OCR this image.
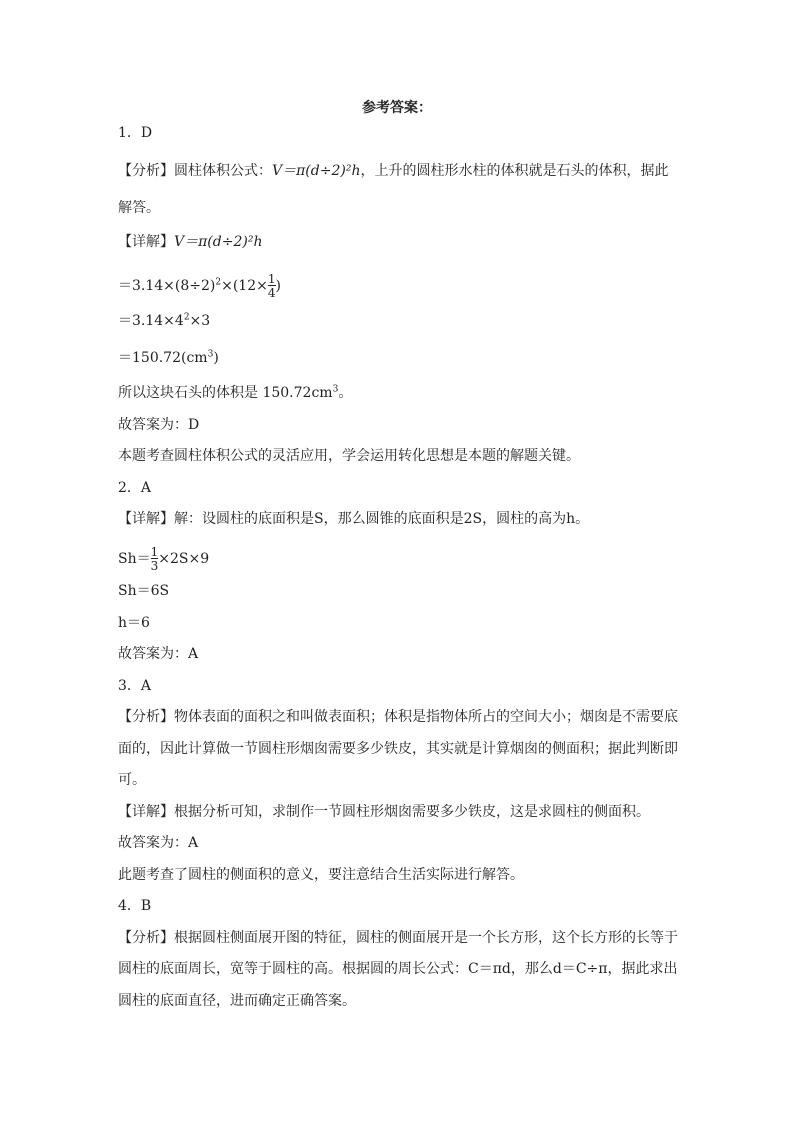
参考答案：
1．D
【分析】圆柱体积公式：V＝π(d÷2)²h，上升的圆柱形水柱的体积就是石头的体积，据此
解答。
【详解】V＝π(d÷2)²h
$=3.14\times(8\div 2)^2\times(12\times \frac{1}{4}$ )
$=3.14\times 4^2\times 3$
$=150.72(cm^3)$
所以这块石头的体积是 $150.72cm^3$。
故答案为：D
本题考查圆柱体积公式的灵活应用，学会运用转化思想是本题的解题关键。
2．A
【详解】解：设圆柱的底面积是S，那么圆锥的底面积是2S，圆柱的高为h。
$Sh= \frac{1}{3} \times 2S\times 9$
Sh＝6S
h＝6
故答案为：A
3．A
【分析】物体表面的面积之和叫做表面积；体积是指物体所占的空间大小；烟囱是不需要底
面的，因此计算做一节圆柱形烟囱需要多少铁皮，其实就是计算烟囱的侧面积；据此判断即
可。
【详解】根据分析可知，求制作一节圆柱形烟囱需要多少铁皮，这是求圆柱的侧面积。
故答案为：A
此题考查了圆柱的侧面积的意义，要注意结合生活实际进行解答。
4．B
【分析】根据圆柱侧面展开图的特征，圆柱的侧面展开是一个长方形，这个长方形的长等于
圆柱的底面周长，宽等于圆柱的高。根据圆的周长公式：C＝πd，那么d＝C÷π，据此求出
圆柱的底面直径，进而确定正确答案。
